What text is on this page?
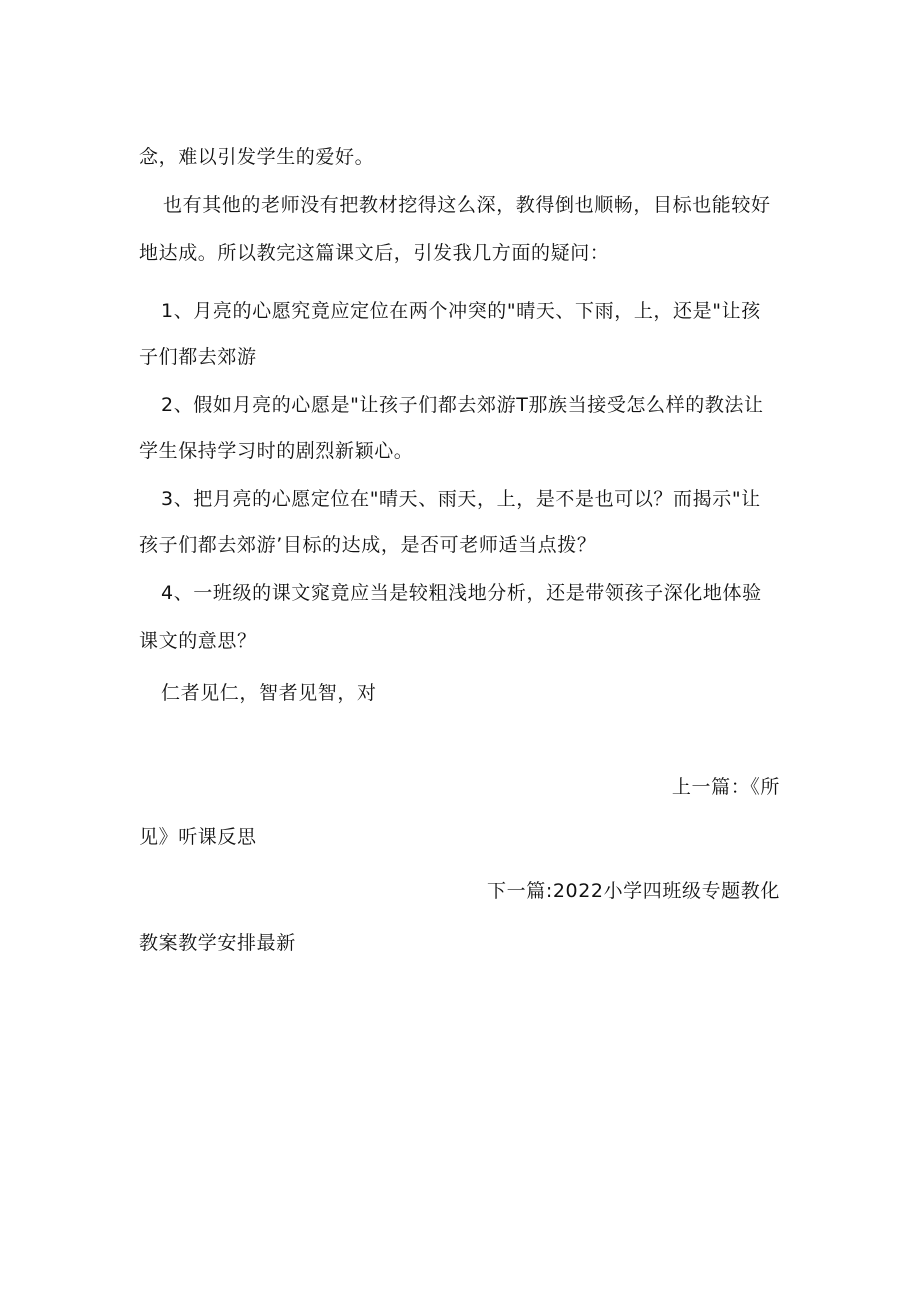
念，难以引发学生的爱好。
也有其他的老师没有把教材挖得这么深，教得倒也顺畅，目标也能较好
地达成。所以教完这篇课文后，引发我几方面的疑问：
1、月亮的心愿究竟应定位在两个冲突的"晴天、下雨，上，还是"让孩
子们都去郊游
2、假如月亮的心愿是"让孩子们都去郊游T那族当接受怎么样的教法让
学生保持学习时的剧烈新颖心。
3、把月亮的心愿定位在"晴天、雨天，上，是不是也可以？而揭示"让
孩子们都去郊游’目标的达成，是否可老师适当点拨？
4、一班级的课文窕竟应当是较粗浅地分析，还是带领孩子深化地体验
课文的意思？
仁者见仁，智者见智，对
上一篇：《所
见》听课反思
下一篇:2022小学四班级专题教化
教案教学安排最新
